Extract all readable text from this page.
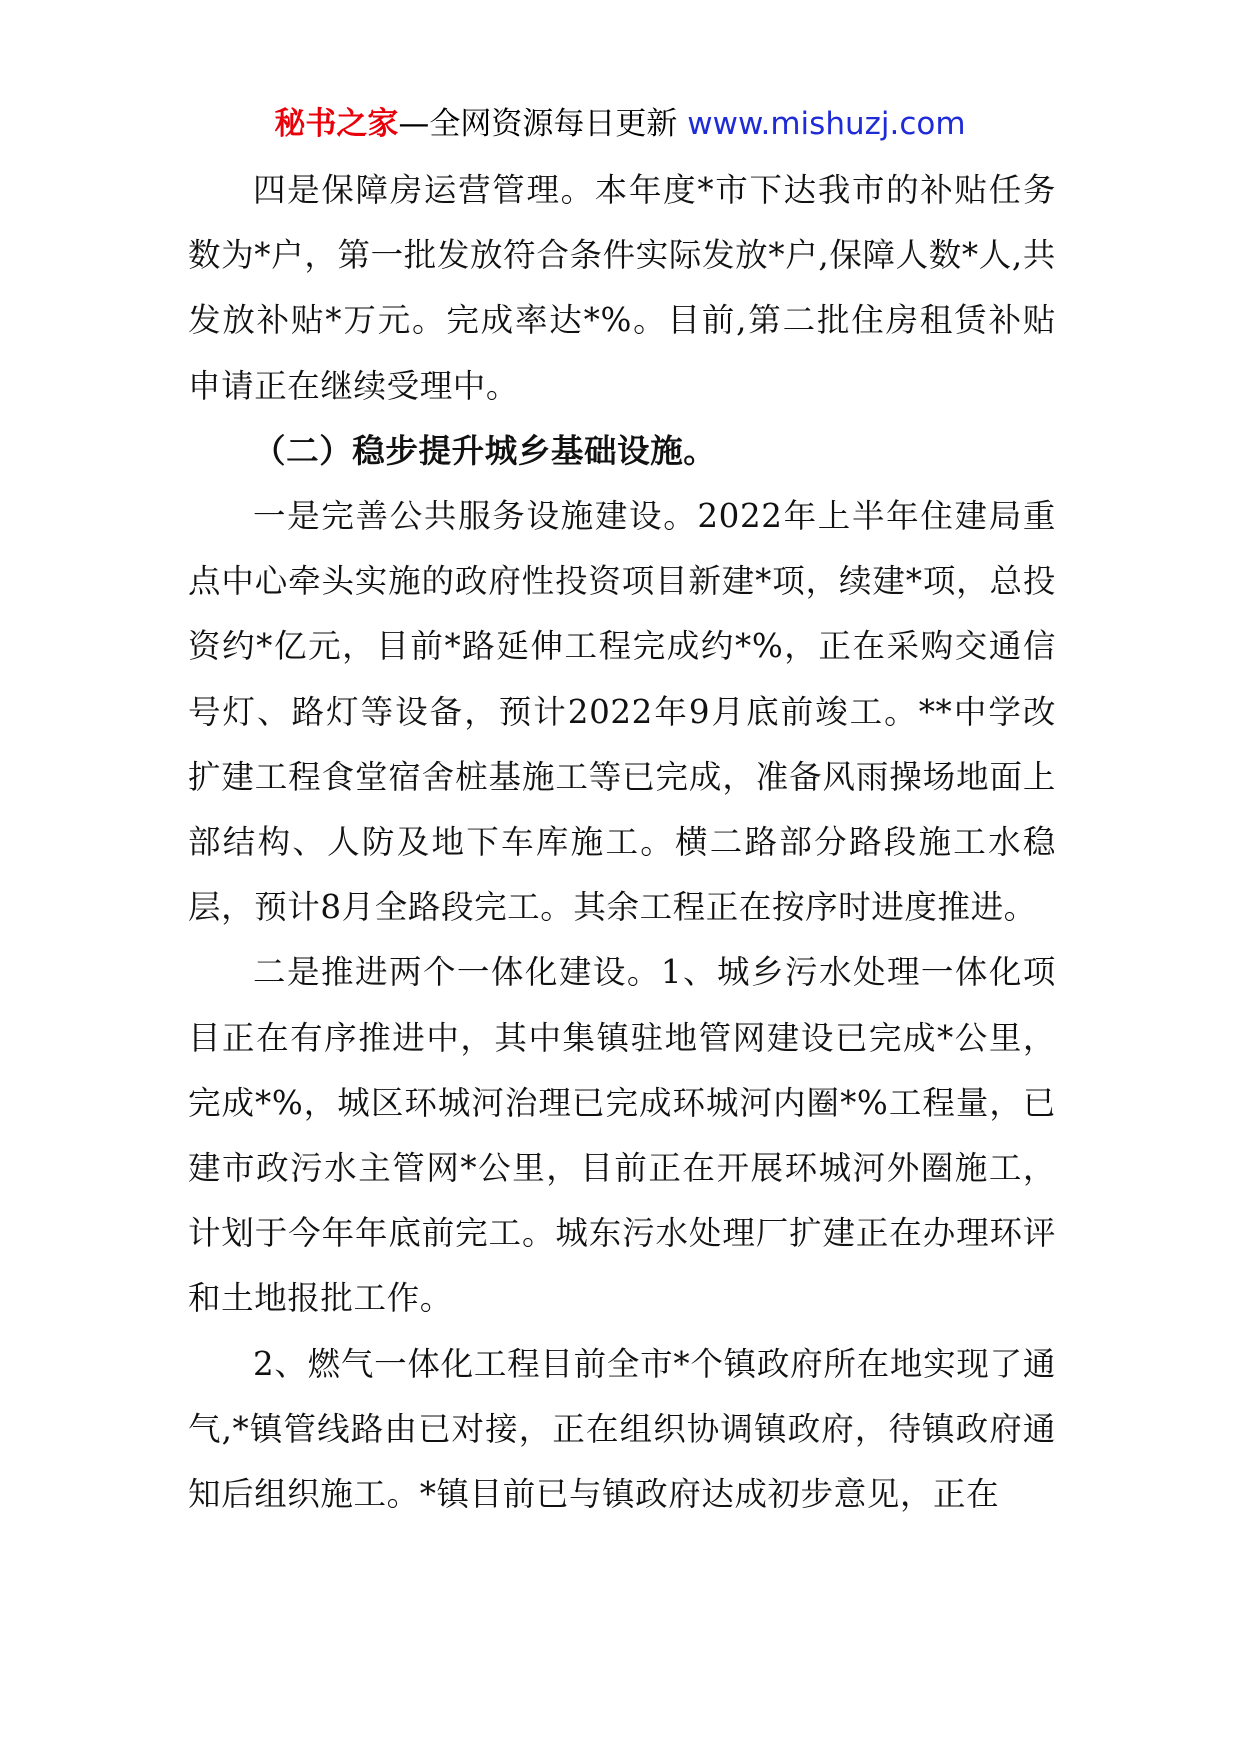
秘书之家—全网资源每日更新 www.mishuzj.com

四是保障房运营管理。本年度*市下达我市的补贴任务数为*户，第一批发放符合条件实际发放*户,保障人数*人,共发放补贴*万元。完成率达*%。目前,第二批住房租赁补贴申请正在继续受理中。

（二）稳步提升城乡基础设施。

一是完善公共服务设施建设。2022年上半年住建局重点中心牵头实施的政府性投资项目新建*项，续建*项，总投资约*亿元，目前*路延伸工程完成约*%，正在采购交通信号灯、路灯等设备，预计2022年9月底前竣工。**中学改扩建工程食堂宿舍桩基施工等已完成，准备风雨操场地面上部结构、人防及地下车库施工。横二路部分路段施工水稳层，预计8月全路段完工。其余工程正在按序时进度推进。

二是推进两个一体化建设。1、城乡污水处理一体化项目正在有序推进中，其中集镇驻地管网建设已完成*公里，完成*%，城区环城河治理已完成环城河内圈*%工程量，已建市政污水主管网*公里，目前正在开展环城河外圈施工，计划于今年年底前完工。城东污水处理厂扩建正在办理环评和土地报批工作。

2、燃气一体化工程目前全市*个镇政府所在地实现了通气,*镇管线路由已对接，正在组织协调镇政府，待镇政府通知后组织施工。*镇目前已与镇政府达成初步意见，正在
